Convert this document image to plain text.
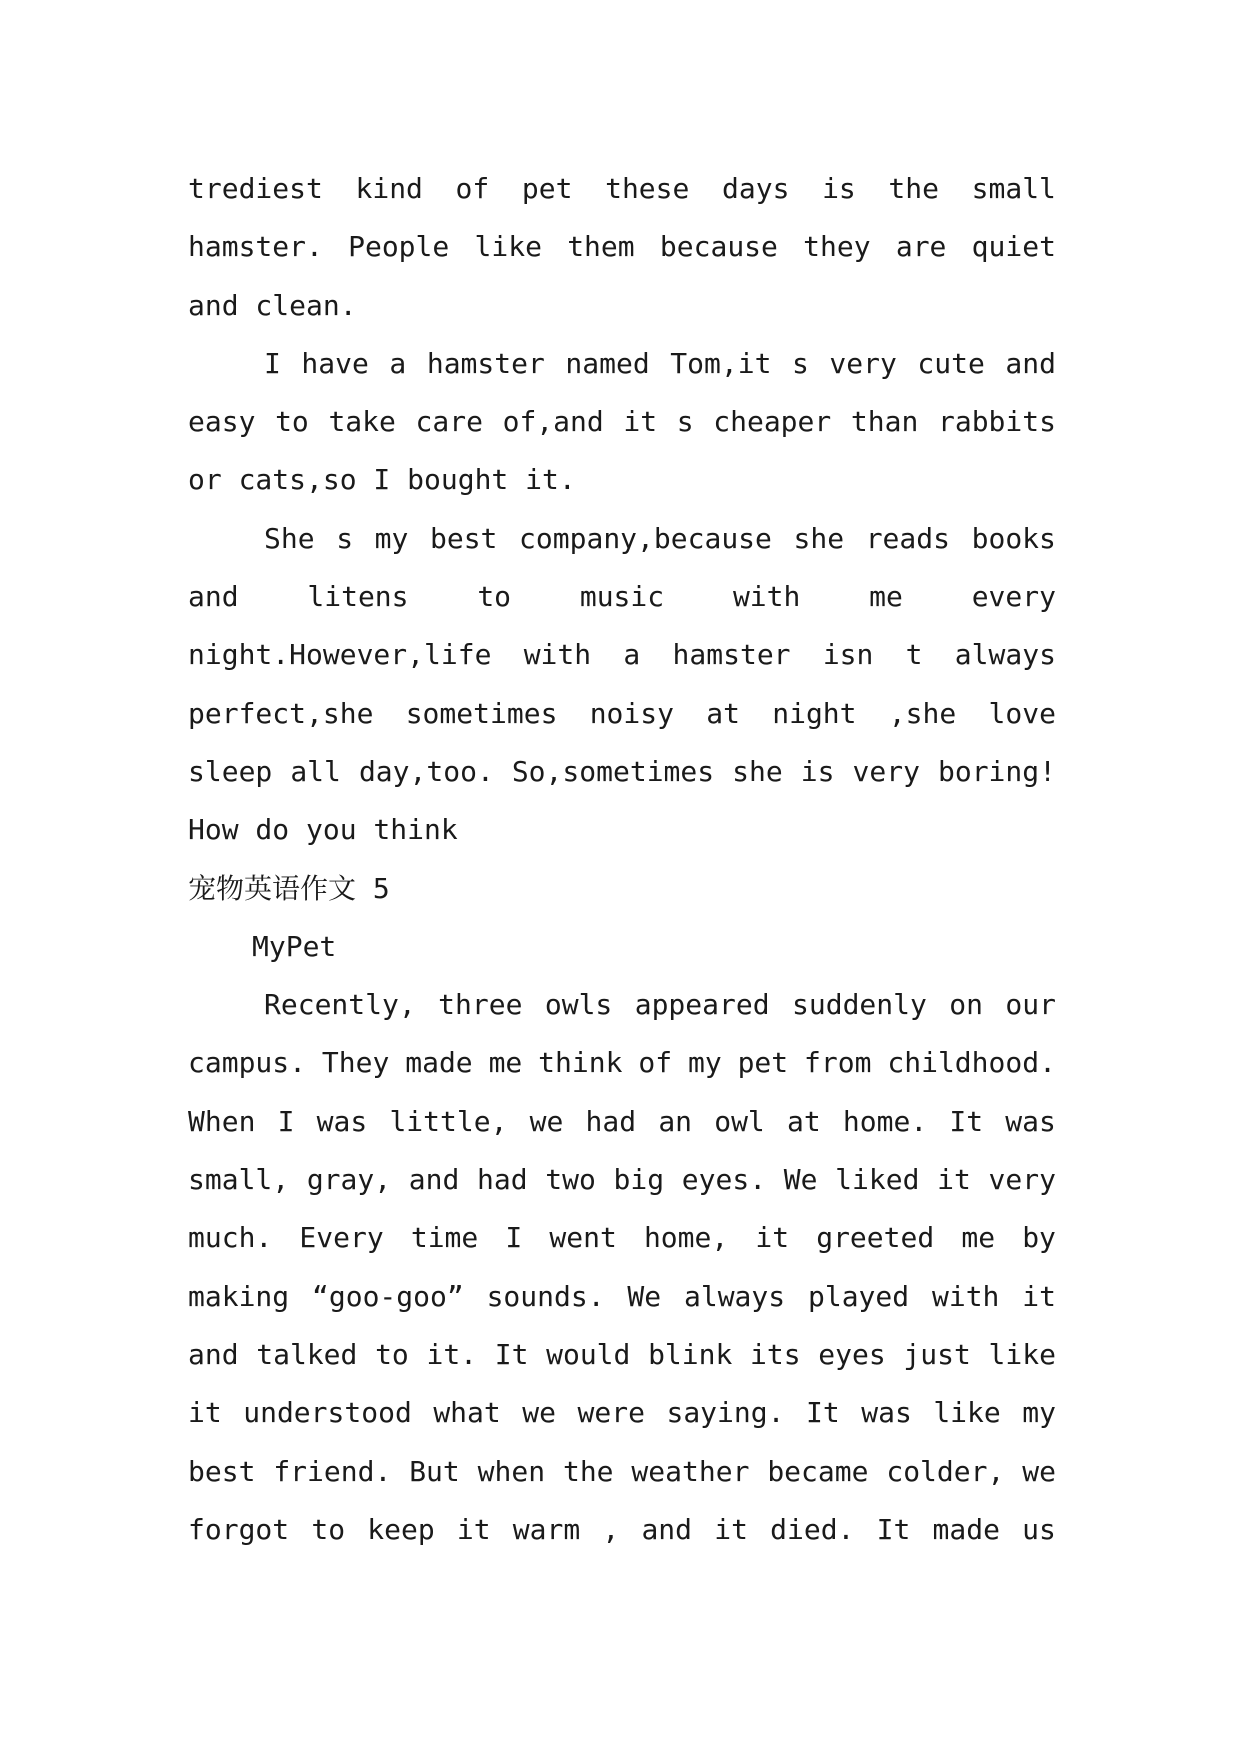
trediest kind of pet these days is the small
hamster. People like them because they are quiet
and clean.
I have a hamster named Tom,it s very cute and
easy to take care of,and it s cheaper than rabbits
or cats,so I bought it.
She s my best company,because she reads books
and litens to music with me every
night.However,life with a hamster isn t always
perfect,she sometimes noisy at night ,she love
sleep all day,too. So,sometimes she is very boring!
How do you think
宠物英语作文 5
MyPet
Recently, three owls appeared suddenly on our
campus. They made me think of my pet from childhood.
When I was little, we had an owl at home. It was
small, gray, and had two big eyes. We liked it very
much. Every time I went home, it greeted me by
making “goo-goo” sounds. We always played with it
and talked to it. It would blink its eyes just like
it understood what we were saying. It was like my
best friend. But when the weather became colder, we
forgot to keep it warm , and it died. It made us
